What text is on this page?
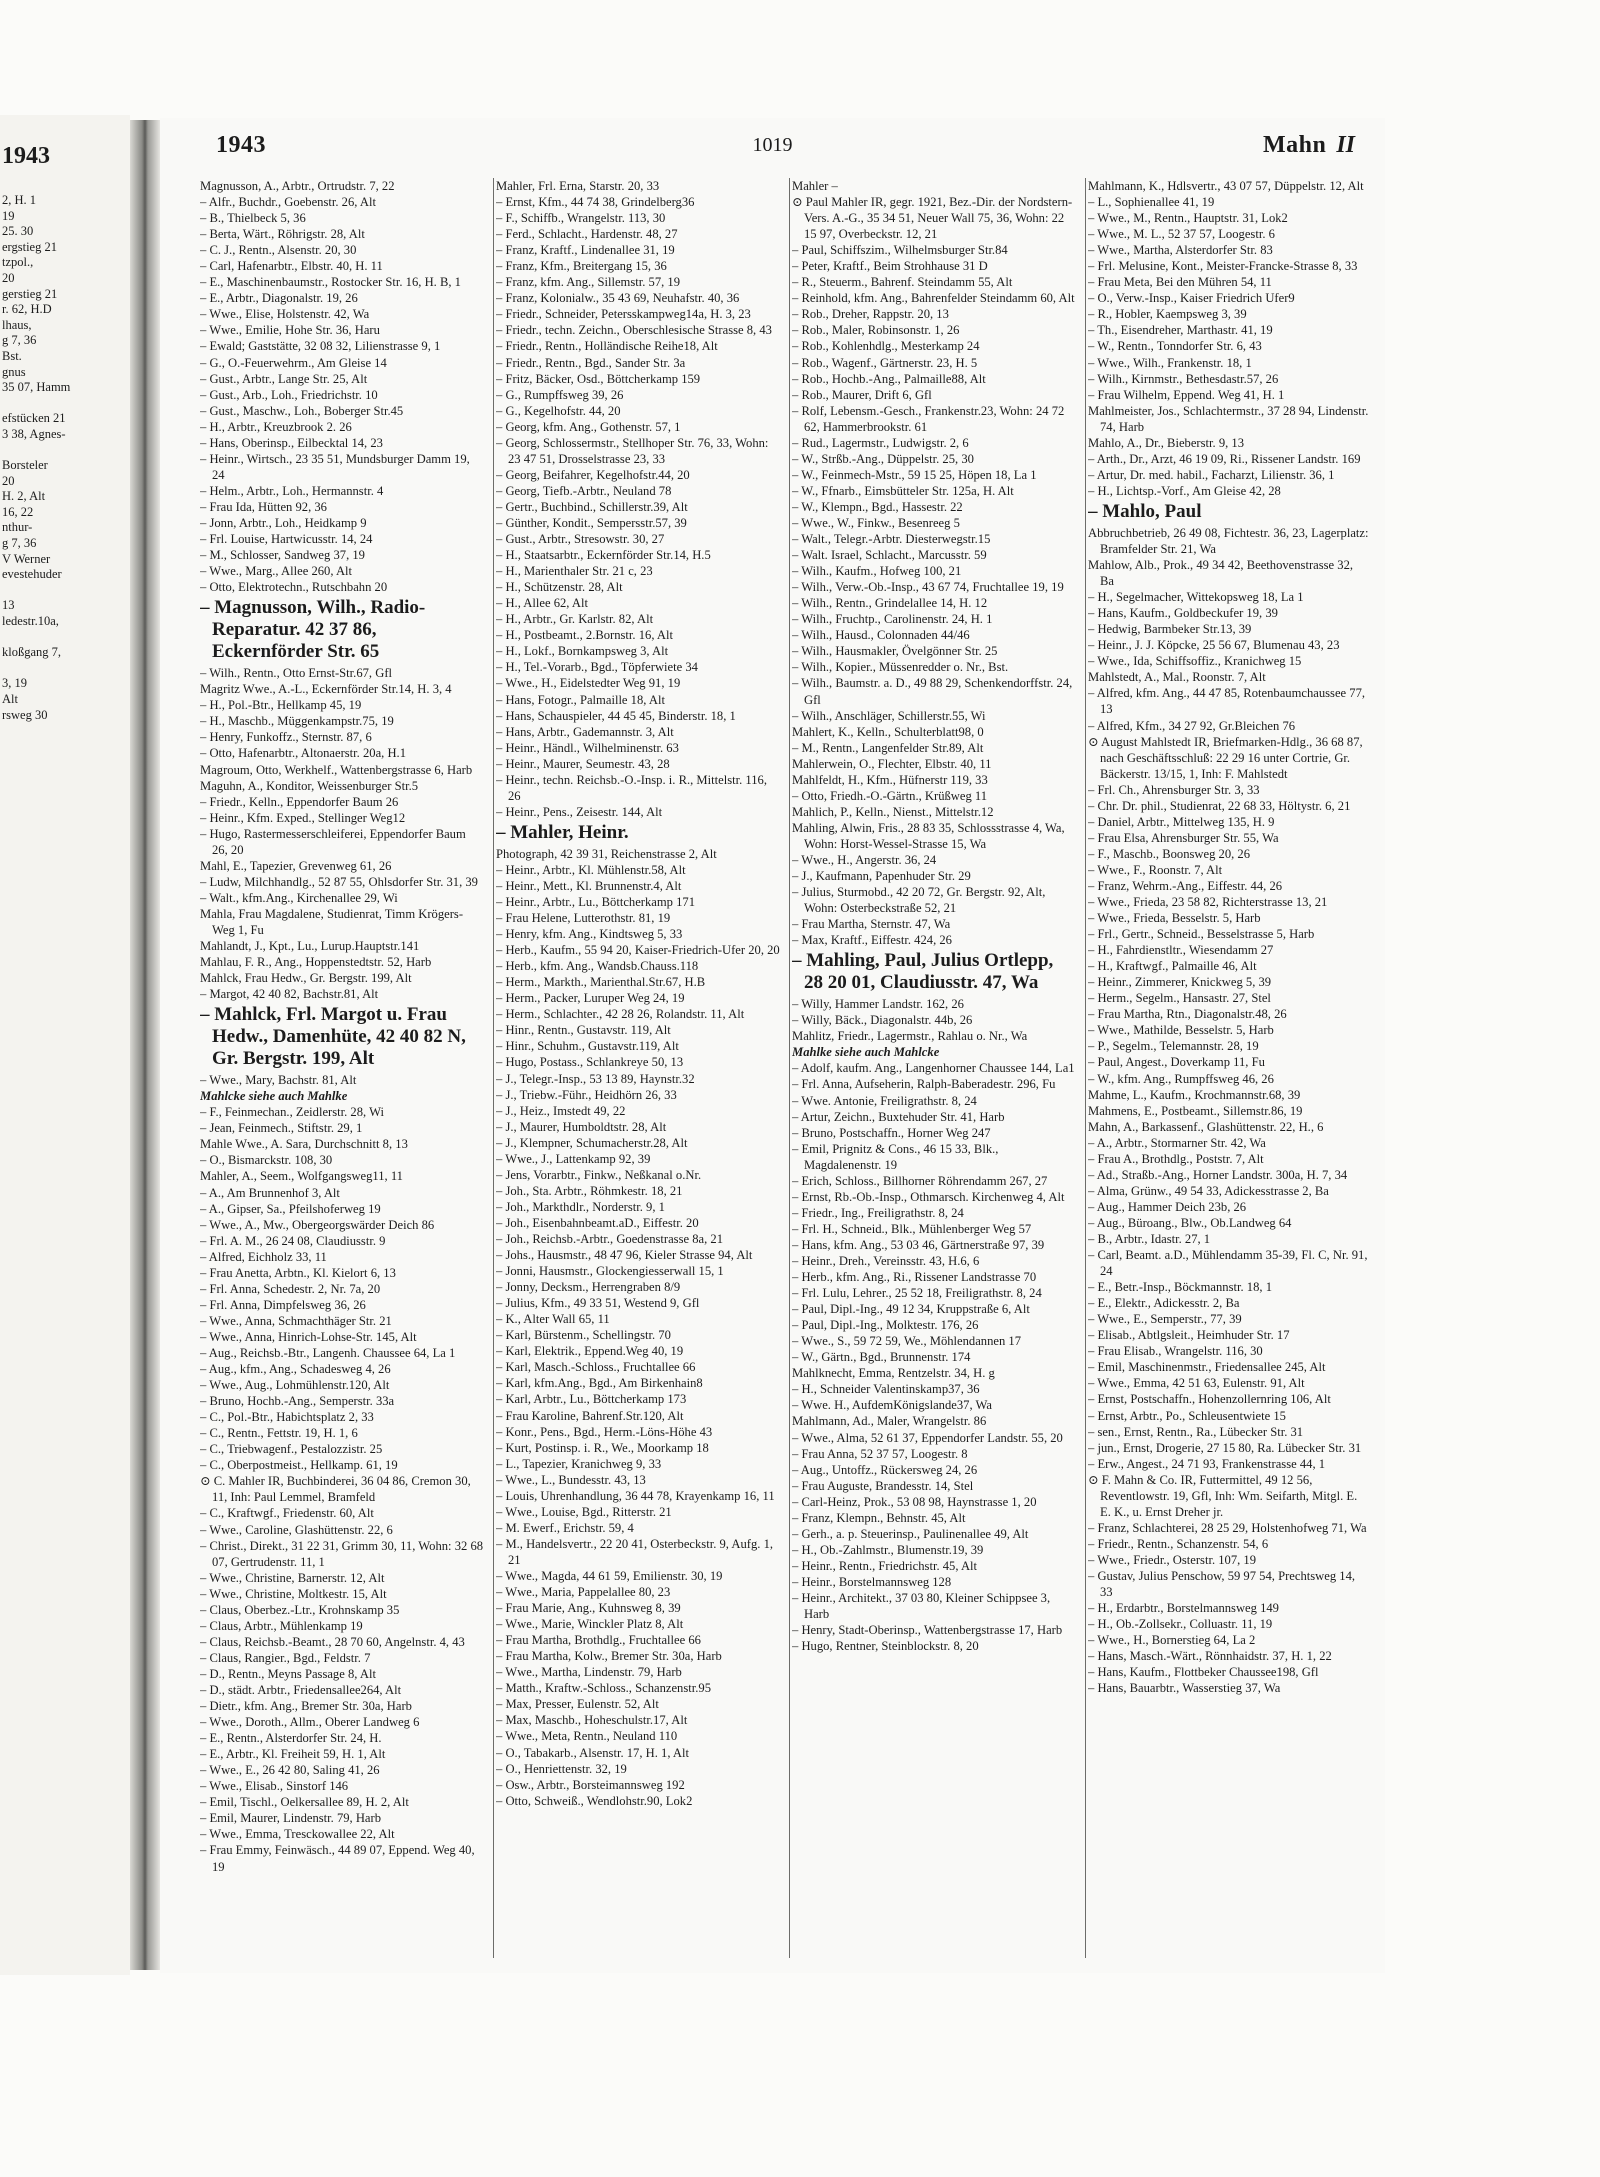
1943
2, H. 1
19
25. 30
ergstieg 21
tzpol.,
20
gerstieg 21
r. 62, H.D
lhaus,
g 7, 36
Bst.
gnus
35 07, Hamm

efstücken 21
3 38, Agnes-

Borsteler
20
H. 2, Alt
16, 22
nthur-
g 7, 36
V Werner
evestehuder

13
ledestr.10a,

kloßgang 7,

3, 19
Alt
rsweg 30
1943	1019	Mahn II

Magnusson, A., Arbtr., Ortrudstr. 7, 22

– Alfr., Buchdr., Goebenstr. 26, Alt

– B., Thielbeck 5, 36

– Berta, Wärt., Röhrigstr. 28, Alt

– C. J., Rentn., Alsenstr. 20, 30

– Carl, Hafenarbtr., Elbstr. 40, H. 11

– E., Maschinenbaumstr., Rostocker Str. 16, H. B, 1

– E., Arbtr., Diagonalstr. 19, 26

– Wwe., Elise, Holstenstr. 42, Wa

– Wwe., Emilie, Hohe Str. 36, Haru

– Ewald; Gaststätte, 32 08 32, Lilienstrasse 9, 1

– G., O.-Feuerwehrm., Am Gleise 14

– Gust., Arbtr., Lange Str. 25, Alt

– Gust., Arb., Loh., Friedrichstr. 10

– Gust., Maschw., Loh., Boberger Str.45

– H., Arbtr., Kreuzbrook 2. 26

– Hans, Oberinsp., Eilbecktal 14, 23

– Heinr., Wirtsch., 23 35 51, Mundsburger Damm 19, 24

– Helm., Arbtr., Loh., Hermannstr. 4

– Frau Ida, Hütten 92, 36

– Jonn, Arbtr., Loh., Heidkamp 9

– Frl. Louise, Hartwicusstr. 14, 24

– M., Schlosser, Sandweg 37, 19

– Wwe., Marg., Allee 260, Alt

– Otto, Elektrotechn., Rutschbahn 20

– Magnusson, Wilh., Radio-Reparatur. 42 37 86, Eckernförder Str. 65

– Wilh., Rentn., Otto Ernst-Str.67, Gfl

Magritz Wwe., A.-L., Eckernförder Str.14, H. 3, 4

– H., Pol.-Btr., Hellkamp 45, 19

– H., Maschb., Müggenkampstr.75, 19

– Henry, Funkoffz., Sternstr. 87, 6

– Otto, Hafenarbtr., Altonaerstr. 20a, H.1

Magroum, Otto, Werkhelf., Wattenbergstrasse 6, Harb

Maguhn, A., Konditor, Weissenburger Str.5

– Friedr., Kelln., Eppendorfer Baum 26

– Heinr., Kfm. Exped., Stellinger Weg12

– Hugo, Rastermesserschleiferei, Eppendorfer Baum 26, 20

Mahl, E., Tapezier, Grevenweg 61, 26

– Ludw, Milchhandlg., 52 87 55, Ohlsdorfer Str. 31, 39

– Walt., kfm.Ang., Kirchenallee 29, Wi

Mahla, Frau Magdalene, Studienrat, Timm Krögers-Weg 1, Fu

Mahlandt, J., Kpt., Lu., Lurup.Hauptstr.141

Mahlau, F. R., Ang., Hoppenstedtstr. 52, Harb

Mahlck, Frau Hedw., Gr. Bergstr. 199, Alt

– Margot, 42 40 82, Bachstr.81, Alt

– Mahlck, Frl. Margot u. Frau Hedw., Damenhüte, 42 40 82 N, Gr. Bergstr. 199, Alt

– Wwe., Mary, Bachstr. 81, Alt

Mahlcke siehe auch Mahlke

– F., Feinmechan., Zeidlerstr. 28, Wi

– Jean, Feinmech., Stiftstr. 29, 1

Mahle Wwe., A. Sara, Durchschnitt 8, 13

– O., Bismarckstr. 108, 30

Mahler, A., Seem., Wolfgangsweg11, 11

– A., Am Brunnenhof 3, Alt

– A., Gipser, Sa., Pfeilshoferweg 19

– Wwe., A., Mw., Obergeorgswärder Deich 86

– Frl. A. M., 26 24 08, Claudiusstr. 9

– Alfred, Eichholz 33, 11

– Frau Anetta, Arbtn., Kl. Kielort 6, 13

– Frl. Anna, Schedestr. 2, Nr. 7a, 20

– Frl. Anna, Dimpfelsweg 36, 26

– Wwe., Anna, Schmachthäger Str. 21

– Wwe., Anna, Hinrich-Lohse-Str. 145, Alt

– Aug., Reichsb.-Btr., Langenh. Chaussee 64, La 1

– Aug., kfm., Ang., Schadesweg 4, 26

– Wwe., Aug., Lohmühlenstr.120, Alt

– Bruno, Hochb.-Ang., Semperstr. 33a

– C., Pol.-Btr., Habichtsplatz 2, 33

– C., Rentn., Fettstr. 19, H. 1, 6

– C., Triebwagenf., Pestalozzistr. 25

– C., Oberpostmeist., Hellkamp. 61, 19

⊙ C. Mahler IR, Buchbinderei, 36 04 86, Cremon 30, 11, Inh: Paul Lemmel, Bramfeld

– C., Kraftwgf., Friedenstr. 60, Alt

– Wwe., Caroline, Glashüttenstr. 22, 6

– Christ., Direkt., 31 22 31, Grimm 30, 11, Wohn: 32 68 07, Gertrudenstr. 11, 1

– Wwe., Christine, Barnerstr. 12, Alt

– Wwe., Christine, Moltkestr. 15, Alt

– Claus, Oberbez.-Ltr., Krohnskamp 35

– Claus, Arbtr., Mühlenkamp 19

– Claus, Reichsb.-Beamt., 28 70 60, Angelnstr. 4, 43

– Claus, Rangier., Bgd., Feldstr. 7

– D., Rentn., Meyns Passage 8, Alt

– D., städt. Arbtr., Friedensallee264, Alt

– Dietr., kfm. Ang., Bremer Str. 30a, Harb

– Wwe., Doroth., Allm., Oberer Landweg 6

– E., Rentn., Alsterdorfer Str. 24, H.

– E., Arbtr., Kl. Freiheit 59, H. 1, Alt

– Wwe., E., 26 42 80, Saling 41, 26

– Wwe., Elisab., Sinstorf 146

– Emil, Tischl., Oelkersallee 89, H. 2, Alt

– Emil, Maurer, Lindenstr. 79, Harb

– Wwe., Emma, Tresckowallee 22, Alt

– Frau Emmy, Feinwäsch., 44 89 07, Eppend. Weg 40, 19

Mahler, Frl. Erna, Starstr. 20, 33

– Ernst, Kfm., 44 74 38, Grindelberg36

– F., Schiffb., Wrangelstr. 113, 30

– Ferd., Schlacht., Hardenstr. 48, 27

– Franz, Kraftf., Lindenallee 31, 19

– Franz, Kfm., Breitergang 15, 36

– Franz, kfm. Ang., Sillemstr. 57, 19

– Franz, Kolonialw., 35 43 69, Neuhafstr. 40, 36

– Friedr., Schneider, Petersskampweg14a, H. 3, 23

– Friedr., techn. Zeichn., Oberschlesische Strasse 8, 43

– Friedr., Rentn., Holländische Reihe18, Alt

– Friedr., Rentn., Bgd., Sander Str. 3a

– Fritz, Bäcker, Osd., Böttcherkamp 159

– G., Rumpffsweg 39, 26

– G., Kegelhofstr. 44, 20

– Georg, kfm. Ang., Gothenstr. 57, 1

– Georg, Schlossermstr., Stellhoper Str. 76, 33, Wohn: 23 47 51, Drosselstrasse 23, 33

– Georg, Beifahrer, Kegelhofstr.44, 20

– Georg, Tiefb.-Arbtr., Neuland 78

– Gertr., Buchbind., Schillerstr.39, Alt

– Günther, Kondit., Sempersstr.57, 39

– Gust., Arbtr., Stresowstr. 30, 27

– H., Staatsarbtr., Eckernförder Str.14, H.5

– H., Marienthaler Str. 21 c, 23

– H., Schützenstr. 28, Alt

– H., Allee 62, Alt

– H., Arbtr., Gr. Karlstr. 82, Alt

– H., Postbeamt., 2.Bornstr. 16, Alt

– H., Lokf., Bornkampsweg 3, Alt

– H., Tel.-Vorarb., Bgd., Töpferwiete 34

– Wwe., H., Eidelstedter Weg 91, 19

– Hans, Fotogr., Palmaille 18, Alt

– Hans, Schauspieler, 44 45 45, Binderstr. 18, 1

– Hans, Arbtr., Gademannstr. 3, Alt

– Heinr., Händl., Wilhelminenstr. 63

– Heinr., Maurer, Seumestr. 43, 28

– Heinr., techn. Reichsb.-O.-Insp. i. R., Mittelstr. 116, 26

– Heinr., Pens., Zeisestr. 144, Alt

– Mahler, Heinr.

Photograph, 42 39 31, Reichenstrasse 2, Alt

– Heinr., Arbtr., Kl. Mühlenstr.58, Alt

– Heinr., Mett., Kl. Brunnenstr.4, Alt

– Heinr., Arbtr., Lu., Böttcherkamp 171

– Frau Helene, Lutterothstr. 81, 19

– Henry, kfm. Ang., Kindtsweg 5, 33

– Herb., Kaufm., 55 94 20, Kaiser-Friedrich-Ufer 20, 20

– Herb., kfm. Ang., Wandsb.Chauss.118

– Herm., Markth., Marienthal.Str.67, H.B

– Herm., Packer, Luruper Weg 24, 19

– Herm., Schlachter., 42 28 26, Rolandstr. 11, Alt

– Hinr., Rentn., Gustavstr. 119, Alt

– Hinr., Schuhm., Gustavstr.119, Alt

– Hugo, Postass., Schlankreye 50, 13

– J., Telegr.-Insp., 53 13 89, Haynstr.32

– J., Triebw.-Führ., Heidhörn 26, 33

– J., Heiz., Imstedt 49, 22

– J., Maurer, Humboldtstr. 28, Alt

– J., Klempner, Schumacherstr.28, Alt

– Wwe., J., Lattenkamp 92, 39

– Jens, Vorarbtr., Finkw., Neßkanal o.Nr.

– Joh., Sta. Arbtr., Röhmkestr. 18, 21

– Joh., Markthdlr., Norderstr. 9, 1

– Joh., Eisenbahnbeamt.aD., Eiffestr. 20

– Joh., Reichsb.-Arbtr., Goedenstrasse 8a, 21

– Johs., Hausmstr., 48 47 96, Kieler Strasse 94, Alt

– Jonni, Hausmstr., Glockengiesserwall 15, 1

– Jonny, Decksm., Herrengraben 8/9

– Julius, Kfm., 49 33 51, Westend 9, Gfl

– K., Alter Wall 65, 11

– Karl, Bürstenm., Schellingstr. 70

– Karl, Elektrik., Eppend.Weg 40, 19

– Karl, Masch.-Schloss., Fruchtallee 66

– Karl, kfm.Ang., Bgd., Am Birkenhain8

– Karl, Arbtr., Lu., Böttcherkamp 173

– Frau Karoline, Bahrenf.Str.120, Alt

– Konr., Pens., Bgd., Herm.-Löns-Höhe 43

– Kurt, Postinsp. i. R., We., Moorkamp 18

– L., Tapezier, Kranichweg 9, 33

– Wwe., L., Bundesstr. 43, 13

– Louis, Uhrenhandlung, 36 44 78, Krayenkamp 16, 11

– Wwe., Louise, Bgd., Ritterstr. 21

– M. Ewerf., Erichstr. 59, 4

– M., Handelsvertr., 22 20 41, Osterbeckstr. 9, Aufg. 1, 21

– Wwe., Magda, 44 61 59, Emilienstr. 30, 19

– Wwe., Maria, Pappelallee 80, 23

– Frau Marie, Ang., Kuhnsweg 8, 39

– Wwe., Marie, Winckler Platz 8, Alt

– Frau Martha, Brothdlg., Fruchtallee 66

– Frau Martha, Kolw., Bremer Str. 30a, Harb

– Wwe., Martha, Lindenstr. 79, Harb

– Matth., Kraftw.-Schloss., Schanzenstr.95

– Max, Presser, Eulenstr. 52, Alt

– Max, Maschb., Hoheschulstr.17, Alt

– Wwe., Meta, Rentn., Neuland 110

– O., Tabakarb., Alsenstr. 17, H. 1, Alt

– O., Henriettenstr. 32, 19

– Osw., Arbtr., Borsteimannsweg 192

– Otto, Schweiß., Wendlohstr.90, Lok2

Mahler –

⊙ Paul Mahler IR, gegr. 1921, Bez.-Dir. der Nordstern-Vers. A.-G., 35 34 51, Neuer Wall 75, 36, Wohn: 22 15 97, Overbeckstr. 12, 21

– Paul, Schiffszim., Wilhelmsburger Str.84

– Peter, Kraftf., Beim Strohhause 31 D

– R., Steuerm., Bahrenf. Steindamm 55, Alt

– Reinhold, kfm. Ang., Bahrenfelder Steindamm 60, Alt

– Rob., Dreher, Rappstr. 20, 13

– Rob., Maler, Robinsonstr. 1, 26

– Rob., Kohlenhdlg., Mesterkamp 24

– Rob., Wagenf., Gärtnerstr. 23, H. 5

– Rob., Hochb.-Ang., Palmaille88, Alt

– Rob., Maurer, Drift 6, Gfl

– Rolf, Lebensm.-Gesch., Frankenstr.23, Wohn: 24 72 62, Hammerbrookstr. 61

– Rud., Lagermstr., Ludwigstr. 2, 6

– W., Strßb.-Ang., Düppelstr. 25, 30

– W., Feinmech-Mstr., 59 15 25, Höpen 18, La 1

– W., Ffnarb., Eimsbütteler Str. 125a, H. Alt

– W., Klempn., Bgd., Hassestr. 22

– Wwe., W., Finkw., Besenreeg 5

– Walt., Telegr.-Arbtr. Diesterwegstr.15

– Walt. Israel, Schlacht., Marcusstr. 59

– Wilh., Kaufm., Hofweg 100, 21

– Wilh., Verw.-Ob.-Insp., 43 67 74, Fruchtallee 19, 19

– Wilh., Rentn., Grindelallee 14, H. 12

– Wilh., Fruchtp., Carolinenstr. 24, H. 1

– Wilh., Hausd., Colonnaden 44/46

– Wilh., Hausmakler, Övelgönner Str. 25

– Wilh., Kopier., Müssenredder o. Nr., Bst.

– Wilh., Baumstr. a. D., 49 88 29, Schenkendorffstr. 24, Gfl

– Wilh., Anschläger, Schillerstr.55, Wi

Mahlert, K., Kelln., Schulterblatt98, 0

– M., Rentn., Langenfelder Str.89, Alt

Mahlerwein, O., Flechter, Elbstr. 40, 11

Mahlfeldt, H., Kfm., Hüfnerstr 119, 33

– Otto, Friedh.-O.-Gärtn., Krüßweg 11

Mahlich, P., Kelln., Nienst., Mittelstr.12

Mahling, Alwin, Fris., 28 83 35, Schlossstrasse 4, Wa, Wohn: Horst-Wessel-Strasse 15, Wa

– Wwe., H., Angerstr. 36, 24

– J., Kaufmann, Papenhuder Str. 29

– Julius, Sturmobd., 42 20 72, Gr. Bergstr. 92, Alt, Wohn: Osterbeckstraße 52, 21

– Frau Martha, Sternstr. 47, Wa

– Max, Kraftf., Eiffestr. 424, 26

– Mahling, Paul, Julius Ortlepp, 28 20 01, Claudiusstr. 47, Wa

– Willy, Hammer Landstr. 162, 26

– Willy, Bäck., Diagonalstr. 44b, 26

Mahlitz, Friedr., Lagermstr., Rahlau o. Nr., Wa

Mahlke siehe auch Mahlcke

– Adolf, kaufm. Ang., Langenhorner Chaussee 144, La1

– Frl. Anna, Aufseherin, Ralph-Baberadestr. 296, Fu

– Wwe. Antonie, Freiligrathstr. 8, 24

– Artur, Zeichn., Buxtehuder Str. 41, Harb

– Bruno, Postschaffn., Horner Weg 247

– Emil, Prignitz & Cons., 46 15 33, Blk., Magdalenenstr. 19

– Erich, Schloss., Billhorner Röhrendamm 267, 27

– Ernst, Rb.-Ob.-Insp., Othmarsch. Kirchenweg 4, Alt

– Friedr., Ing., Freiligrathstr. 8, 24

– Frl. H., Schneid., Blk., Mühlenberger Weg 57

– Hans, kfm. Ang., 53 03 46, Gärtnerstraße 97, 39

– Heinr., Dreh., Vereinsstr. 43, H.6, 6

– Herb., kfm. Ang., Ri., Rissener Landstrasse 70

– Frl. Lulu, Lehrer., 25 52 18, Freiligrathstr. 8, 24

– Paul, Dipl.-Ing., 49 12 34, Kruppstraße 6, Alt

– Paul, Dipl.-Ing., Molktestr. 176, 26

– Wwe., S., 59 72 59, We., Möhlendannen 17

– W., Gärtn., Bgd., Brunnenstr. 174

Mahlknecht, Emma, Rentzelstr. 34, H. g

– H., Schneider Valentinskamp37, 36

– Wwe. H., AufdemKönigslande37, Wa

Mahlmann, Ad., Maler, Wrangelstr. 86

– Wwe., Alma, 52 61 37, Eppendorfer Landstr. 55, 20

– Frau Anna, 52 37 57, Loogestr. 8

– Aug., Untoffz., Rückersweg 24, 26

– Frau Auguste, Brandesstr. 14, Stel

– Carl-Heinz, Prok., 53 08 98, Haynstrasse 1, 20

– Franz, Klempn., Behnstr. 45, Alt

– Gerh., a. p. Steuerinsp., Paulinenallee 49, Alt

– H., Ob.-Zahlmstr., Blumenstr.19, 39

– Heinr., Rentn., Friedrichstr. 45, Alt

– Heinr., Borstelmannsweg 128

– Heinr., Architekt., 37 03 80, Kleiner Schippsee 3, Harb

– Henry, Stadt-Oberinsp., Wattenbergstrasse 17, Harb

– Hugo, Rentner, Steinblockstr. 8, 20

Mahlmann, K., Hdlsvertr., 43 07 57, Düppelstr. 12, Alt

– L., Sophienallee 41, 19

– Wwe., M., Rentn., Hauptstr. 31, Lok2

– Wwe., M. L., 52 37 57, Loogestr. 6

– Wwe., Martha, Alsterdorfer Str. 83

– Frl. Melusine, Kont., Meister-Francke-Strasse 8, 33

– Frau Meta, Bei den Mühren 54, 11

– O., Verw.-Insp., Kaiser Friedrich Ufer9

– R., Hobler, Kaempsweg 3, 39

– Th., Eisendreher, Marthastr. 41, 19

– W., Rentn., Tonndorfer Str. 6, 43

– Wwe., Wilh., Frankenstr. 18, 1

– Wilh., Kirnmstr., Bethesdastr.57, 26

– Frau Wilhelm, Eppend. Weg 41, H. 1

Mahlmeister, Jos., Schlachtermstr., 37 28 94, Lindenstr. 74, Harb

Mahlo, A., Dr., Bieberstr. 9, 13

– Arth., Dr., Arzt, 46 19 09, Ri., Rissener Landstr. 169

– Artur, Dr. med. habil., Facharzt, Lilienstr. 36, 1

– H., Lichtsp.-Vorf., Am Gleise 42, 28

– Mahlo, Paul

Abbruchbetrieb, 26 49 08, Fichtestr. 36, 23, Lagerplatz: Bramfelder Str. 21, Wa

Mahlow, Alb., Prok., 49 34 42, Beethovenstrasse 32, Ba

– H., Segelmacher, Wittekopsweg 18, La 1

– Hans, Kaufm., Goldbeckufer 19, 39

– Hedwig, Barmbeker Str.13, 39

– Heinr., J. J. Köpcke, 25 56 67, Blumenau 43, 23

– Wwe., Ida, Schiffsoffiz., Kranichweg 15

Mahlstedt, A., Mal., Roonstr. 7, Alt

– Alfred, kfm. Ang., 44 47 85, Rotenbaumchaussee 77, 13

– Alfred, Kfm., 34 27 92, Gr.Bleichen 76

⊙ August Mahlstedt IR, Briefmarken-Hdlg., 36 68 87, nach Geschäftsschluß: 22 29 16 unter Cortrie, Gr. Bäckerstr. 13/15, 1, Inh: F. Mahlstedt

– Frl. Ch., Ahrensburger Str. 3, 33

– Chr. Dr. phil., Studienrat, 22 68 33, Höltystr. 6, 21

– Daniel, Arbtr., Mittelweg 135, H. 9

– Frau Elsa, Ahrensburger Str. 55, Wa

– F., Maschb., Boonsweg 20, 26

– Wwe., F., Roonstr. 7, Alt

– Franz, Wehrm.-Ang., Eiffestr. 44, 26

– Wwe., Frieda, 23 58 82, Richterstrasse 13, 21

– Wwe., Frieda, Besselstr. 5, Harb

– Frl., Gertr., Schneid., Besselstrasse 5, Harb

– H., Fahrdienstltr., Wiesendamm 27

– H., Kraftwgf., Palmaille 46, Alt

– Heinr., Zimmerer, Knickweg 5, 39

– Herm., Segelm., Hansastr. 27, Stel

– Frau Martha, Rtn., Diagonalstr.48, 26

– Wwe., Mathilde, Besselstr. 5, Harb

– P., Segelm., Telemannstr. 28, 19

– Paul, Angest., Doverkamp 11, Fu

– W., kfm. Ang., Rumpffsweg 46, 26

Mahme, L., Kaufm., Krochmannstr.68, 39

Mahmens, E., Postbeamt., Sillemstr.86, 19

Mahn, A., Barkassenf., Glashüttenstr. 22, H., 6

– A., Arbtr., Stormarner Str. 42, Wa

– Frau A., Brothdlg., Poststr. 7, Alt

– Ad., Straßb.-Ang., Horner Landstr. 300a, H. 7, 34

– Alma, Grünw., 49 54 33, Adickesstrasse 2, Ba

– Aug., Hammer Deich 23b, 26

– Aug., Büroang., Blw., Ob.Landweg 64

– B., Arbtr., Idastr. 27, 1

– Carl, Beamt. a.D., Mühlendamm 35-39, Fl. C, Nr. 91, 24

– E., Betr.-Insp., Böckmannstr. 18, 1

– E., Elektr., Adickesstr. 2, Ba

– Wwe., E., Semperstr., 77, 39

– Elisab., Abtlgsleit., Heimhuder Str. 17

– Frau Elisab., Wrangelstr. 116, 30

– Emil, Maschinenmstr., Friedensallee 245, Alt

– Wwe., Emma, 42 51 63, Eulenstr. 91, Alt

– Ernst, Postschaffn., Hohenzollernring 106, Alt

– Ernst, Arbtr., Po., Schleusentwiete 15

– sen., Ernst, Rentn., Ra., Lübecker Str. 31

– jun., Ernst, Drogerie, 27 15 80, Ra. Lübecker Str. 31

– Erw., Angest., 24 71 93, Frankenstrasse 44, 1

⊙ F. Mahn & Co. IR, Futtermittel, 49 12 56, Reventlowstr. 19, Gfl, Inh: Wm. Seifarth, Mitgl. E. E. K., u. Ernst Dreher jr.

– Franz, Schlachterei, 28 25 29, Holstenhofweg 71, Wa

– Friedr., Rentn., Schanzenstr. 54, 6

– Wwe., Friedr., Osterstr. 107, 19

– Gustav, Julius Penschow, 59 97 54, Prechtsweg 14, 33

– H., Erdarbtr., Borstelmannsweg 149

– H., Ob.-Zollsekr., Colluastr. 11, 19

– Wwe., H., Bornerstieg 64, La 2

– Hans, Masch.-Wärt., Rönnhaidstr. 37, H. 1, 22

– Hans, Kaufm., Flottbeker Chaussee198, Gfl

– Hans, Bauarbtr., Wasserstieg 37, Wa
